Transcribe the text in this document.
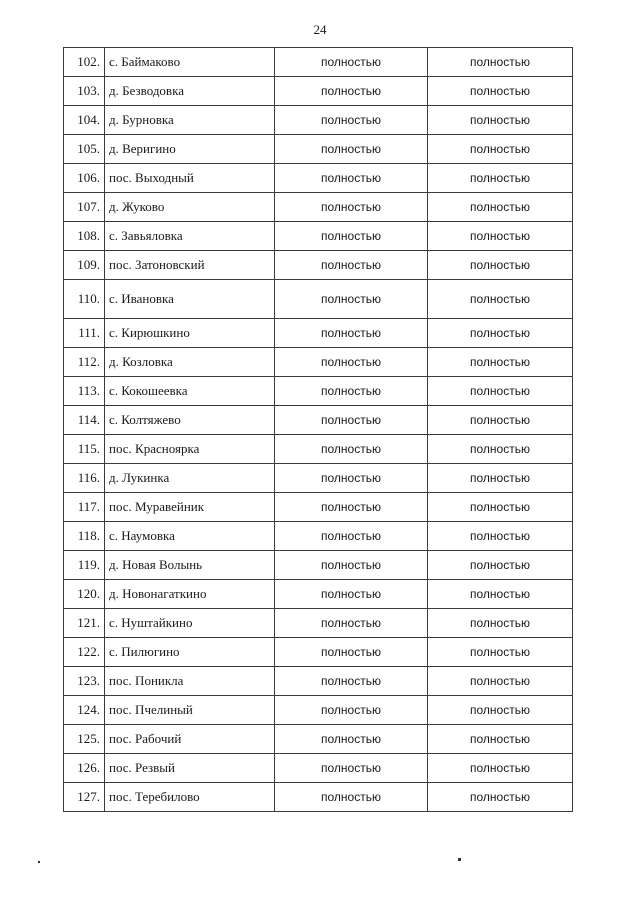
24
102.	с. Баймаково	полностью	полностью
103.	д. Безводовка	полностью	полностью
104.	д. Бурновка	полностью	полностью
105.	д. Веригино	полностью	полностью
106.	пос. Выходный	полностью	полностью
107.	д. Жуково	полностью	полностью
108.	с. Завьяловка	полностью	полностью
109.	пос. Затоновский	полностью	полностью
110.	с. Ивановка	полностью	полностью
111.	с. Кирюшкино	полностью	полностью
112.	д. Козловка	полностью	полностью
113.	с. Кокошеевка	полностью	полностью
114.	с. Колтяжево	полностью	полностью
115.	пос. Красноярка	полностью	полностью
116.	д. Лукинка	полностью	полностью
117.	пос. Муравейник	полностью	полностью
118.	с. Наумовка	полностью	полностью
119.	д. Новая Волынь	полностью	полностью
120.	д. Новонагаткино	полностью	полностью
121.	с. Нуштайкино	полностью	полностью
122.	с. Пилюгино	полностью	полностью
123.	пос. Поникла	полностью	полностью
124.	пос. Пчелиный	полностью	полностью
125.	пос. Рабочий	полностью	полностью
126.	пос. Резвый	полностью	полностью
127.	пос. Теребилово	полностью	полностью
